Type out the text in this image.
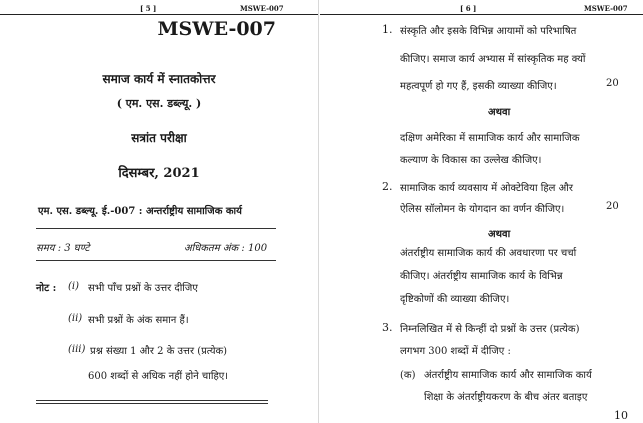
[ 5 ]	MSWE-007
MSWE-007
समाज कार्य में स्नातकोत्तर
( एम. एस. डब्ल्यू. )
सत्रांत परीक्षा
दिसम्बर, 2021
एम. एस. डब्ल्यू. ई.-007 : अन्तर्राष्ट्रीय सामाजिक कार्य
समय : 3 घण्टे	अधिकतम अंक : 100
नोट : (i) सभी पाँच प्रश्नों के उत्तर दीजिए
(ii) सभी प्रश्नों के अंक समान हैं।
(iii) प्रश्न संख्या 1 और 2 के उत्तर (प्रत्येक)
600 शब्दों से अधिक नहीं होने चाहिए।
[ 6 ]	MSWE-007
1. संस्कृति और इसके विभिन्न आयामों को परिभाषित
कीजिए। समाज कार्य अभ्यास में सांस्कृतिक मह क्यों
महत्वपूर्ण हो गए हैं, इसकी व्याख्या कीजिए।	20
अथवा
दक्षिण अमेरिका में सामाजिक कार्य और सामाजिक
कल्याण के विकास का उल्लेख कीजिए।
2. सामाजिक कार्य व्यवसाय में ओक्टेविया हिल और
ऐलिस सॉलोमन के योगदान का वर्णन कीजिए।	20
अथवा
अंतर्राष्ट्रीय सामाजिक कार्य की अवधारणा पर चर्चा
कीजिए। अंतर्राष्ट्रीय सामाजिक कार्य के विभिन्न
दृष्टिकोणों की व्याख्या कीजिए।
3. निम्नलिखित में से किन्हीं दो प्रश्नों के उत्तर (प्रत्येक)
लगभग 300 शब्दों में दीजिए :
(क) अंतर्राष्ट्रीय सामाजिक कार्य और सामाजिक कार्य
शिक्षा के अंतर्राष्ट्रीयकरण के बीच अंतर बताइए
10
